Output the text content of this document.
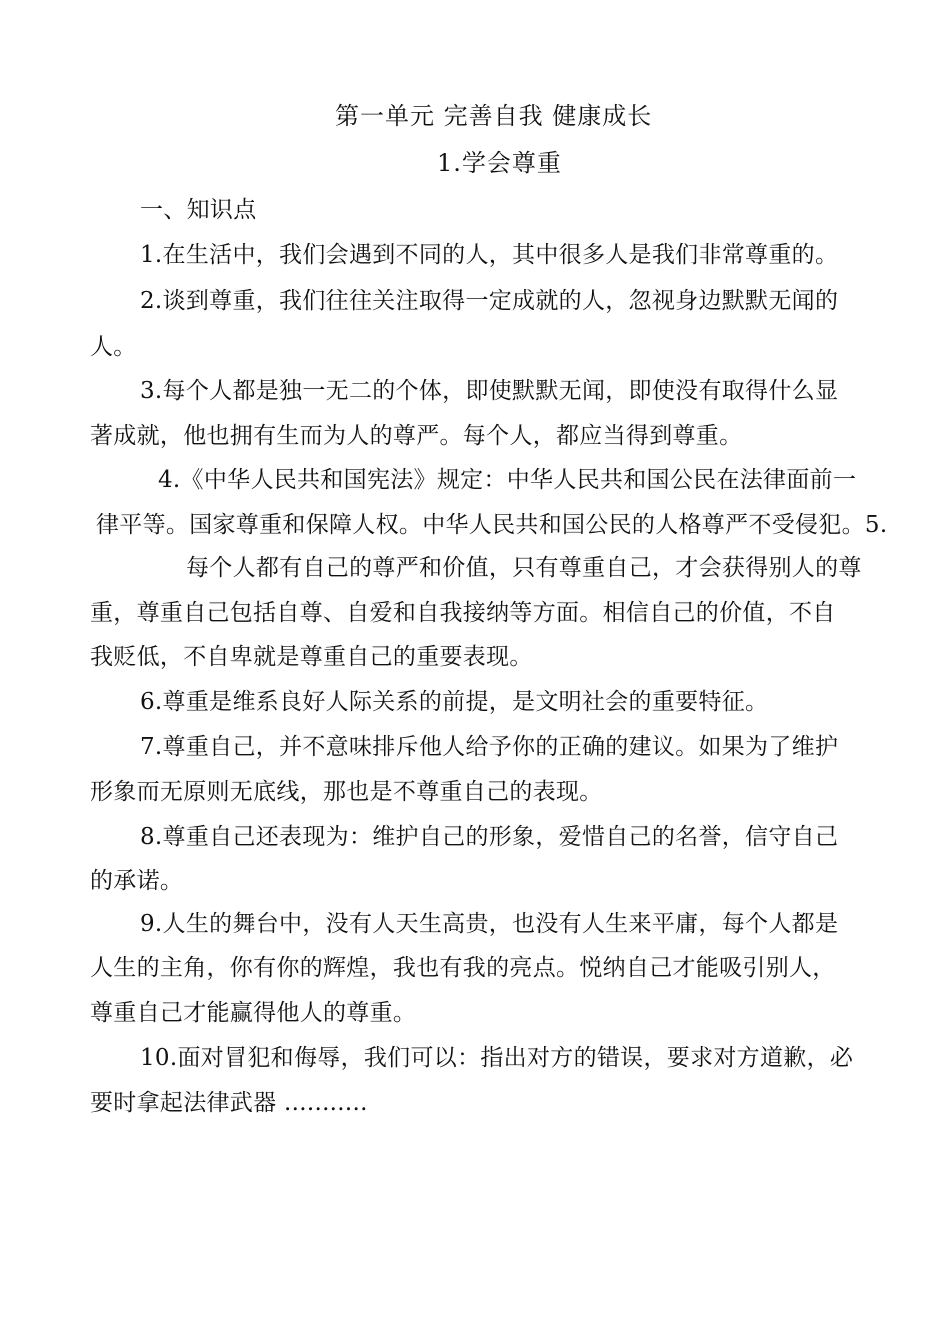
第一单元 完善自我 健康成长
1.学会尊重
一、知识点
1.在生活中，我们会遇到不同的人，其中很多人是我们非常尊重的。
2.谈到尊重，我们往往关注取得一定成就的人，忽视身边默默无闻的
人。
3.每个人都是独一无二的个体，即使默默无闻，即使没有取得什么显
著成就，他也拥有生而为人的尊严。每个人，都应当得到尊重。
4.《中华人民共和国宪法》规定：中华人民共和国公民在法律面前一
律平等。国家尊重和保障人权。中华人民共和国公民的人格尊严不受侵犯。5.
每个人都有自己的尊严和价值，只有尊重自己，才会获得别人的尊
重，尊重自己包括自尊、自爱和自我接纳等方面。相信自己的价值，不自
我贬低，不自卑就是尊重自己的重要表现。
6.尊重是维系良好人际关系的前提，是文明社会的重要特征。
7.尊重自己，并不意味排斥他人给予你的正确的建议。如果为了维护
形象而无原则无底线，那也是不尊重自己的表现。
8.尊重自己还表现为：维护自己的形象，爱惜自己的名誉，信守自己
的承诺。
9.人生的舞台中，没有人天生高贵，也没有人生来平庸，每个人都是
人生的主角，你有你的辉煌，我也有我的亮点。悦纳自己才能吸引别人，
尊重自己才能赢得他人的尊重。
10.面对冒犯和侮辱，我们可以：指出对方的错误，要求对方道歉，必
要时拿起法律武器 ...........
